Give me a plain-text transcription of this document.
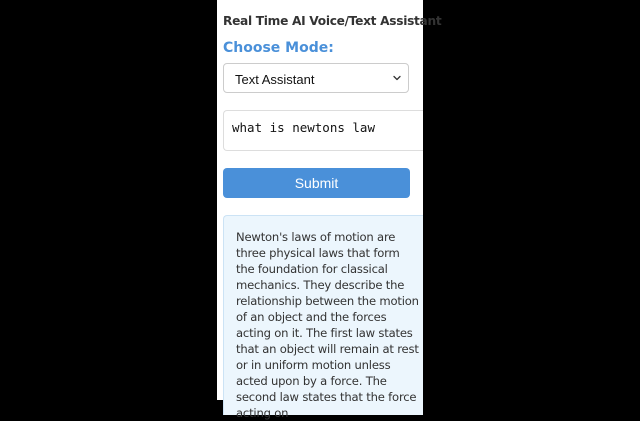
Real Time AI Voice/Text Assistant
Choose Mode:
Text Assistant
what is newtons law
Submit
Newton's laws of motion are three physical laws that form the foundation for classical mechanics. They describe the relationship between the motion of an object and the forces acting on it. The first law states that an object will remain at rest or in uniform motion unless acted upon by a force. The second law states that the force acting on
